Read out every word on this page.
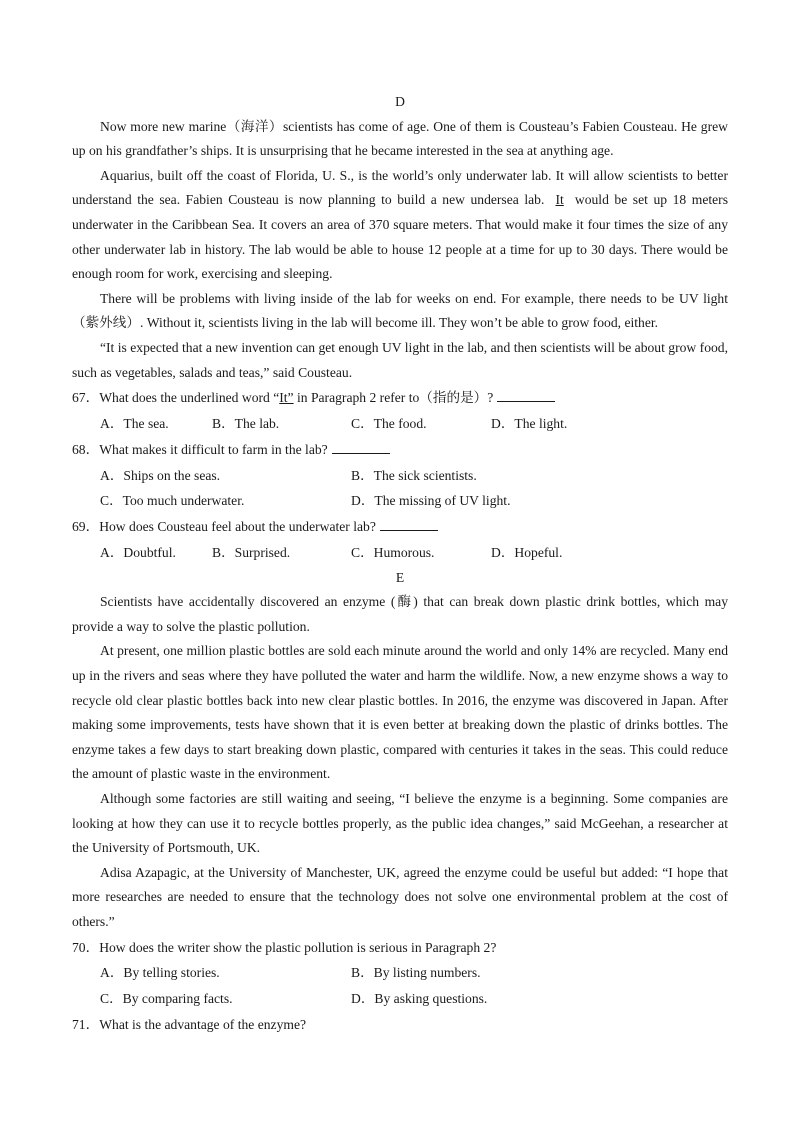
D

Now more new marine（海洋）scientists has come of age. One of them is Cousteau’s Fabien Cousteau. He grew up on his grandfather’s ships. It is unsurprising that he became interested in the sea at anything age.

Aquarius, built off the coast of Florida, U. S., is the world’s only underwater lab. It will allow scientists to better understand the sea. Fabien Cousteau is now planning to build a new undersea lab. It would be set up 18 meters underwater in the Caribbean Sea. It covers an area of 370 square meters. That would make it four times the size of any other underwater lab in history. The lab would be able to house 12 people at a time for up to 30 days. There would be enough room for work, exercising and sleeping.

There will be problems with living inside of the lab for weeks on end. For example, there needs to be UV light（紫外线）. Without it, scientists living in the lab will become ill. They won’t be able to grow food, either.

“It is expected that a new invention can get enough UV light in the lab, and then scientists will be about grow food, such as vegetables, salads and teas,” said Cousteau.

67．What does the underlined word “It” in Paragraph 2 refer to（指的是）?
A．The sea.	B．The lab.	C．The food.	D．The light.
68．What makes it difficult to farm in the lab?
A．Ships on the seas.	B．The sick scientists.
C．Too much underwater.	D．The missing of UV light.
69．How does Cousteau feel about the underwater lab?
A．Doubtful.	B．Surprised.	C．Humorous.	D．Hopeful.
E

Scientists have accidentally discovered an enzyme (酶) that can break down plastic drink bottles, which may provide a way to solve the plastic pollution.

At present, one million plastic bottles are sold each minute around the world and only 14% are recycled. Many end up in the rivers and seas where they have polluted the water and harm the wildlife. Now, a new enzyme shows a way to recycle old clear plastic bottles back into new clear plastic bottles. In 2016, the enzyme was discovered in Japan. After making some improvements, tests have shown that it is even better at breaking down the plastic of drinks bottles. The enzyme takes a few days to start breaking down plastic, compared with centuries it takes in the seas. This could reduce the amount of plastic waste in the environment.

Although some factories are still waiting and seeing, “I believe the enzyme is a beginning. Some companies are looking at how they can use it to recycle bottles properly, as the public idea changes,” said McGeehan, a researcher at the University of Portsmouth, UK.

Adisa Azapagic, at the University of Manchester, UK, agreed the enzyme could be useful but added: “I hope that more researches are needed to ensure that the technology does not solve one environmental problem at the cost of others.”

70．How does the writer show the plastic pollution is serious in Paragraph 2?
A．By telling stories.	B．By listing numbers.
C．By comparing facts.	D．By asking questions.
71．What is the advantage of the enzyme?
